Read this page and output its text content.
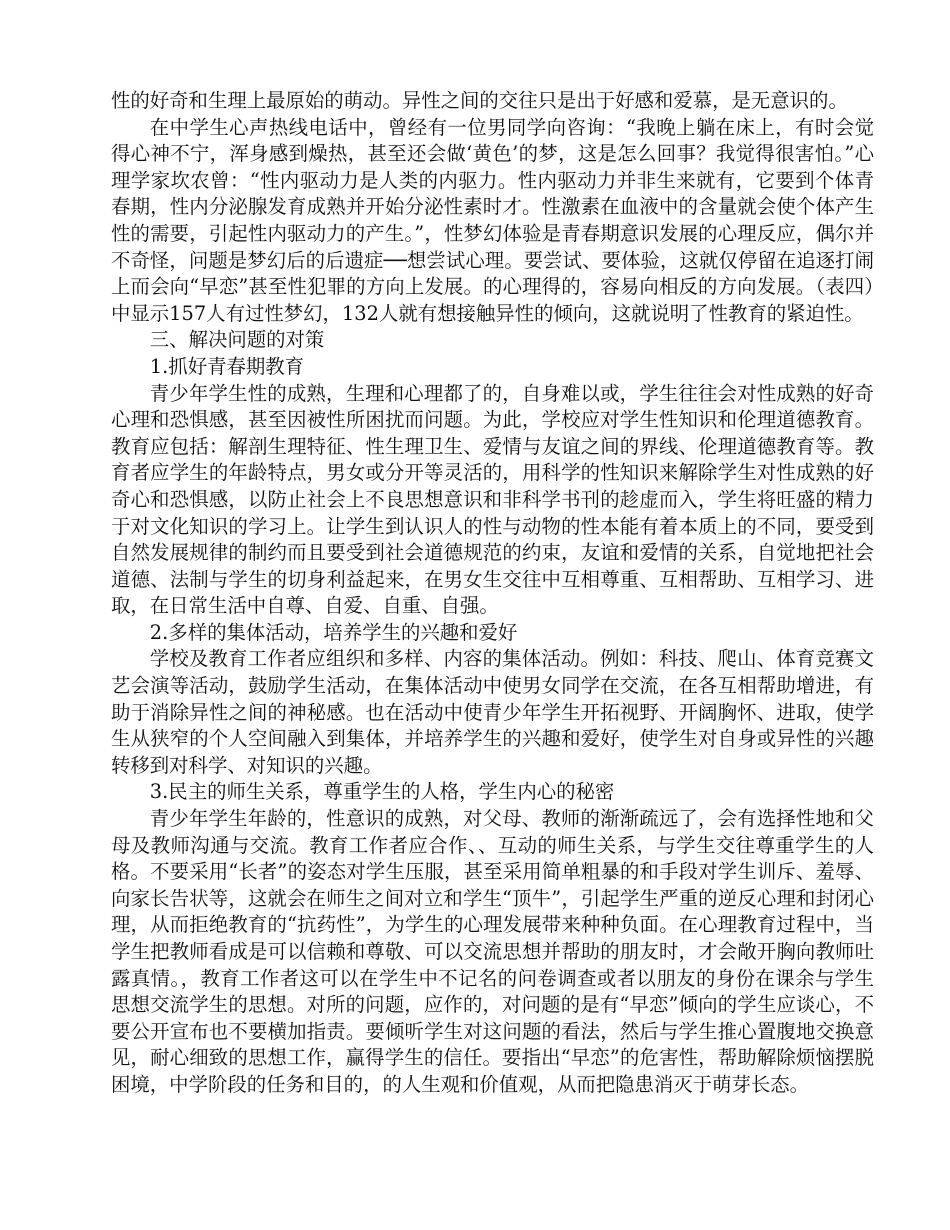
性的好奇和生理上最原始的萌动。异性之间的交往只是出于好感和爱慕，是无意识的。

在中学生心声热线电话中，曾经有一位男同学向咨询：“我晚上躺在床上，有时会觉得心神不宁，浑身感到燥热，甚至还会做‘黄色’的梦，这是怎么回事？我觉得很害怕。”心理学家坎农曾：“性内驱动力是人类的内驱力。性内驱动力并非生来就有，它要到个体青春期，性内分泌腺发育成熟并开始分泌性素时才。性激素在血液中的含量就会使个体产生性的需要，引起性内驱动力的产生。”，性梦幻体验是青春期意识发展的心理反应，偶尔并不奇怪，问题是梦幻后的后遗症──想尝试心理。要尝试、要体验，这就仅停留在追逐打闹上而会向“早恋”甚至性犯罪的方向上发展。的心理得的，容易向相反的方向发展。（表四）中显示157人有过性梦幻，132人就有想接触异性的倾向，这就说明了性教育的紧迫性。

三、解决问题的对策

1.抓好青春期教育

青少年学生性的成熟，生理和心理都了的，自身难以或，学生往往会对性成熟的好奇心理和恐惧感，甚至因被性所困扰而问题。为此，学校应对学生性知识和伦理道德教育。教育应包括：解剖生理特征、性生理卫生、爱情与友谊之间的界线、伦理道德教育等。教育者应学生的年龄特点，男女或分开等灵活的，用科学的性知识来解除学生对性成熟的好奇心和恐惧感，以防止社会上不良思想意识和非科学书刊的趁虚而入，学生将旺盛的精力于对文化知识的学习上。让学生到认识人的性与动物的性本能有着本质上的不同，要受到自然发展规律的制约而且要受到社会道德规范的约束，友谊和爱情的关系，自觉地把社会道德、法制与学生的切身利益起来，在男女生交往中互相尊重、互相帮助、互相学习、进取，在日常生活中自尊、自爱、自重、自强。

2.多样的集体活动，培养学生的兴趣和爱好

学校及教育工作者应组织和多样、内容的集体活动。例如：科技、爬山、体育竞赛文艺会演等活动，鼓励学生活动，在集体活动中使男女同学在交流，在各互相帮助增进，有助于消除异性之间的神秘感。也在活动中使青少年学生开拓视野、开阔胸怀、进取，使学生从狭窄的个人空间融入到集体，并培养学生的兴趣和爱好，使学生对自身或异性的兴趣转移到对科学、对知识的兴趣。

3.民主的师生关系，尊重学生的人格，学生内心的秘密

青少年学生年龄的，性意识的成熟，对父母、教师的渐渐疏远了，会有选择性地和父母及教师沟通与交流。教育工作者应合作、、互动的师生关系，与学生交往尊重学生的人格。不要采用“长者”的姿态对学生压服，甚至采用简单粗暴的和手段对学生训斥、羞辱、向家长告状等，这就会在师生之间对立和学生“顶牛”，引起学生严重的逆反心理和封闭心理，从而拒绝教育的“抗药性”，为学生的心理发展带来种种负面。在心理教育过程中，当学生把教师看成是可以信赖和尊敬、可以交流思想并帮助的朋友时，才会敞开胸向教师吐露真情。，教育工作者这可以在学生中不记名的问卷调查或者以朋友的身份在课余与学生思想交流学生的思想。对所的问题，应作的，对问题的是有“早恋”倾向的学生应谈心，不要公开宣布也不要横加指责。要倾听学生对这问题的看法，然后与学生推心置腹地交换意见，耐心细致的思想工作，赢得学生的信任。要指出“早恋”的危害性，帮助解除烦恼摆脱困境，中学阶段的任务和目的，的人生观和价值观，从而把隐患消灭于萌芽长态。
